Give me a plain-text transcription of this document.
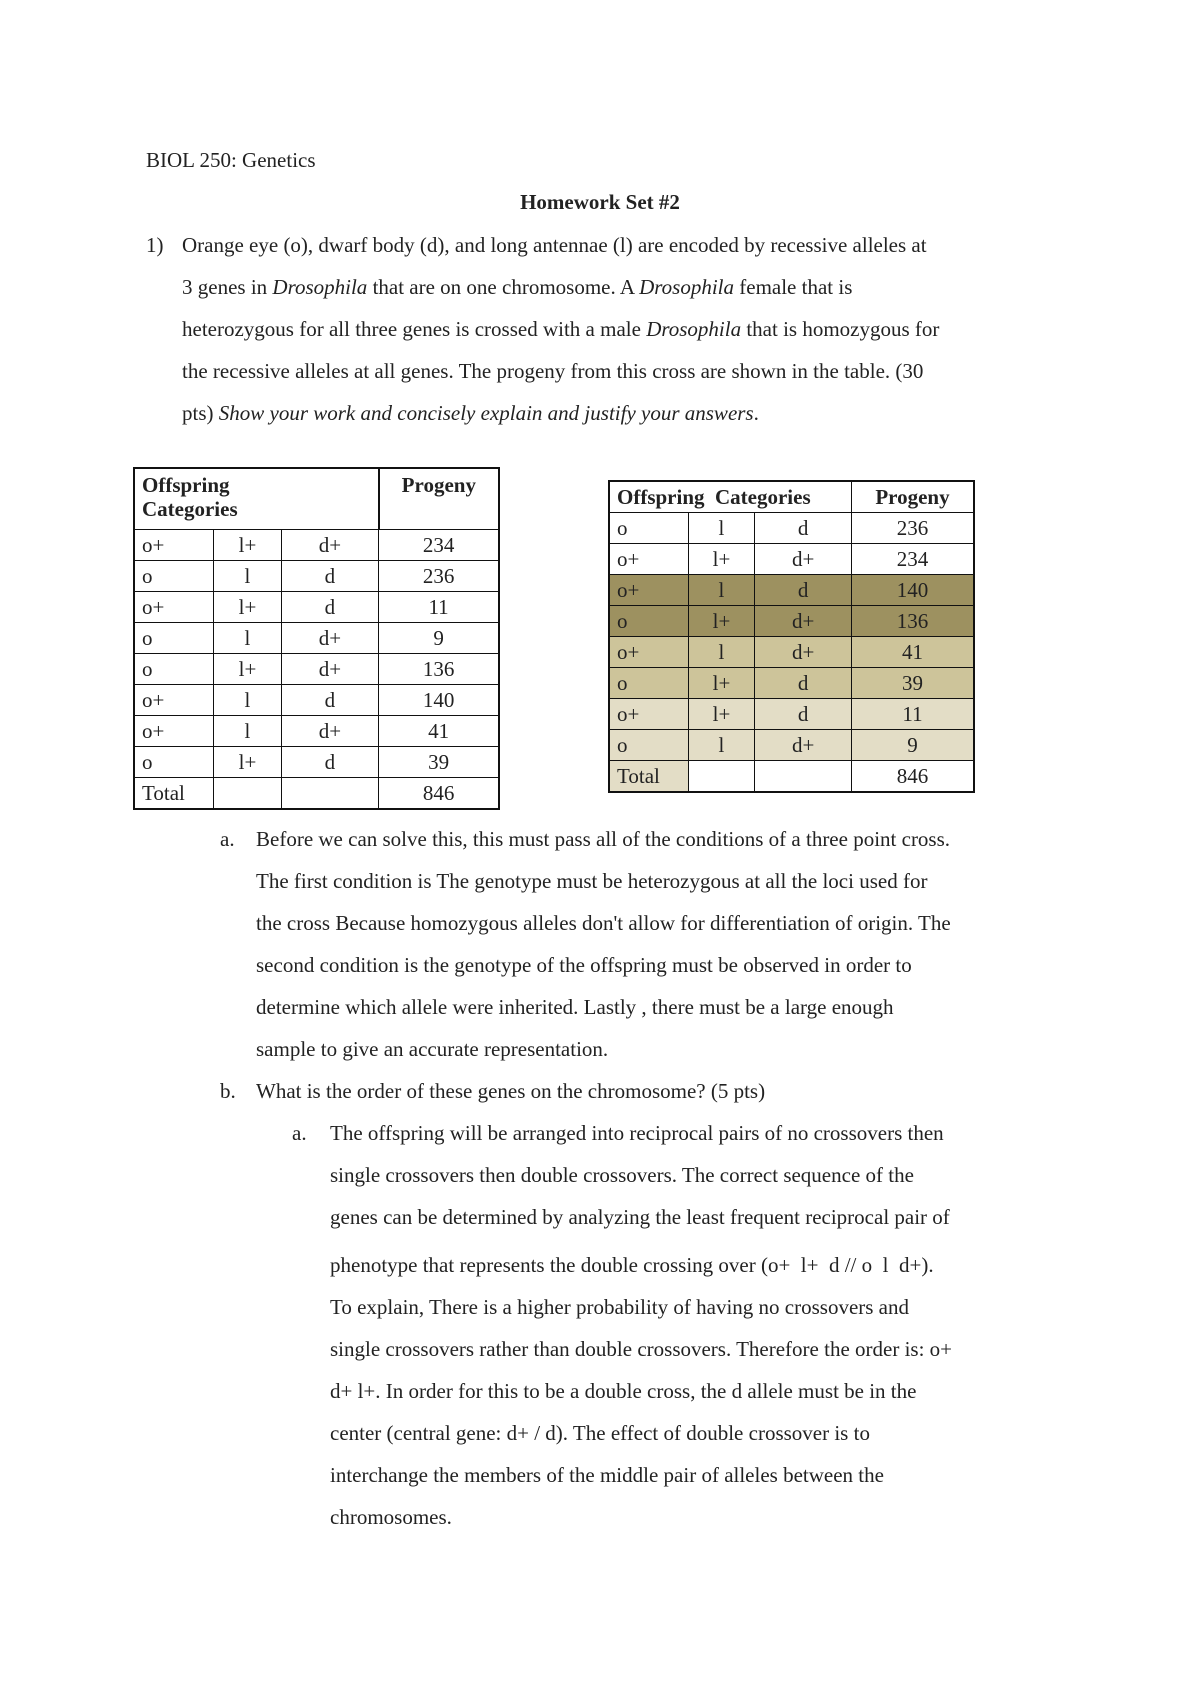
BIOL 250: Genetics
Homework Set #2
1) Orange eye (o), dwarf body (d), and long antennae (l) are encoded by recessive alleles at
3 genes in Drosophila that are on one chromosome. A Drosophila female that is
heterozygous for all three genes is crossed with a male Drosophila that is homozygous for
the recessive alleles at all genes. The progeny from this cross are shown in the table. (30
pts) Show your work and concisely explain and justify your answers.
Offspring
Categories			Progeny
o+	l+	d+	234
o	l	d	236
o+	l+	d	11
o	l	d+	9
o	l+	d+	136
o+	l	d	140
o+	l	d+	41
o	l+	d	39
Total			846
Offspring  Categories			Progeny
o	l	d	236
o+	l+	d+	234
o+	l	d	140
o	l+	d+	136
o+	l	d+	41
o	l+	d	39
o+	l+	d	11
o	l	d+	9
Total			846
a. Before we can solve this, this must pass all of the conditions of a three point cross.
The first condition is The genotype must be heterozygous at all the loci used for
the cross Because homozygous alleles don't allow for differentiation of origin. The
second condition is the genotype of the offspring must be observed in order to
determine which allele were inherited. Lastly , there must be a large enough
sample to give an accurate representation.
b. What is the order of these genes on the chromosome? (5 pts)
a. The offspring will be arranged into reciprocal pairs of no crossovers then
single crossovers then double crossovers. The correct sequence of the
genes can be determined by analyzing the least frequent reciprocal pair of
phenotype that represents the double crossing over (o+  l+  d // o  l  d+).
To explain, There is a higher probability of having no crossovers and
single crossovers rather than double crossovers. Therefore the order is: o+
d+ l+. In order for this to be a double cross, the d allele must be in the
center (central gene: d+ / d). The effect of double crossover is to
interchange the members of the middle pair of alleles between the
chromosomes.
